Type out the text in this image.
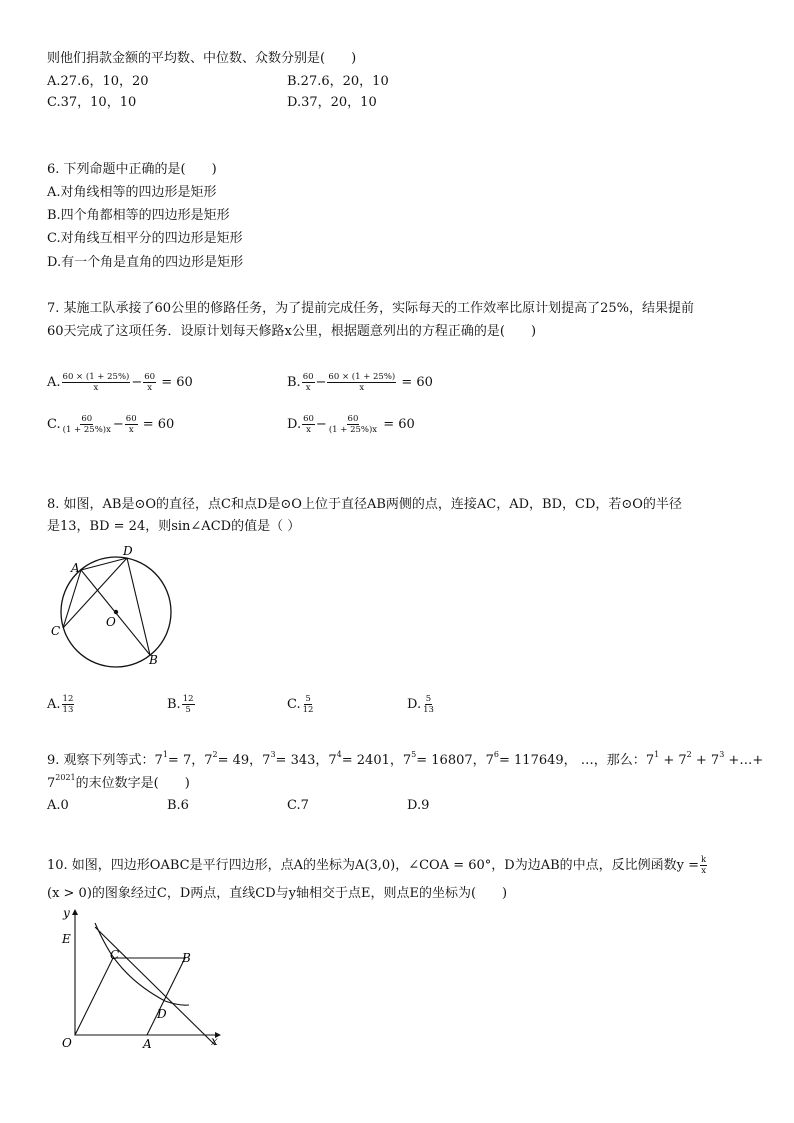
则他们捐款金额的平均数、中位数、众数分别是(　　)
A.27.6，10，20	B.27.6，20，10
C.37，10，10	D.37，20，10
6. 下列命题中正确的是(　　)
A.对角线相等的四边形是矩形
B.四个角都相等的四边形是矩形
C.对角线互相平分的四边形是矩形
D.有一个角是直角的四边形是矩形
7. 某施工队承接了60公里的修路任务，为了提前完成任务，实际每天的工作效率比原计划提高了25%，结果提前
60天完成了这项任务．设原计划每天修路x公里，根据题意列出的方程正确的是(　　)
A. $\frac{60 \times (1 + 25\%)}{x} - \frac{60}{x} = 60$	B. $\frac{60}{x} - \frac{60 \times (1 + 25\%)}{x} = 60$
C. $\frac{60}{(1 + 25\%)x} - \frac{60}{x} = 60$	D. $\frac{60}{x} - \frac{60}{(1 + 25\%)x} = 60$
8. 如图，AB是⊙O的直径，点C和点D是⊙O上位于直径AB两侧的点，连接AC，AD，BD，CD，若⊙O的半径
是13，BD = 24，则sin∠ACD的值是（ ）
A
D
C
O
B
A. $\frac{12}{13}$	B. $\frac{12}{5}$	C. $\frac{5}{12}$	D. $\frac{5}{13}$
9. 观察下列等式：$7^1= 7$，$7^2= 49$，$7^3= 343$，$7^4= 2401$，$7^5= 16807$，$7^6= 117649$， …，那么：$7^1 + 7^2 + 7^3$ +…+
$7^{2021}$的末位数字是(　　)
A.0	B.6	C.7	D.9
10. 如图，四边形OABC是平行四边形，点A的坐标为A(3,0)，∠COA = 60°，D为边AB的中点，反比例函数$y = \frac{k}{x}$
(x > 0)的图象经过C，D两点，直线CD与y轴相交于点E，则点E的坐标为(　　)
y
x
E
C	B
D
O	A
